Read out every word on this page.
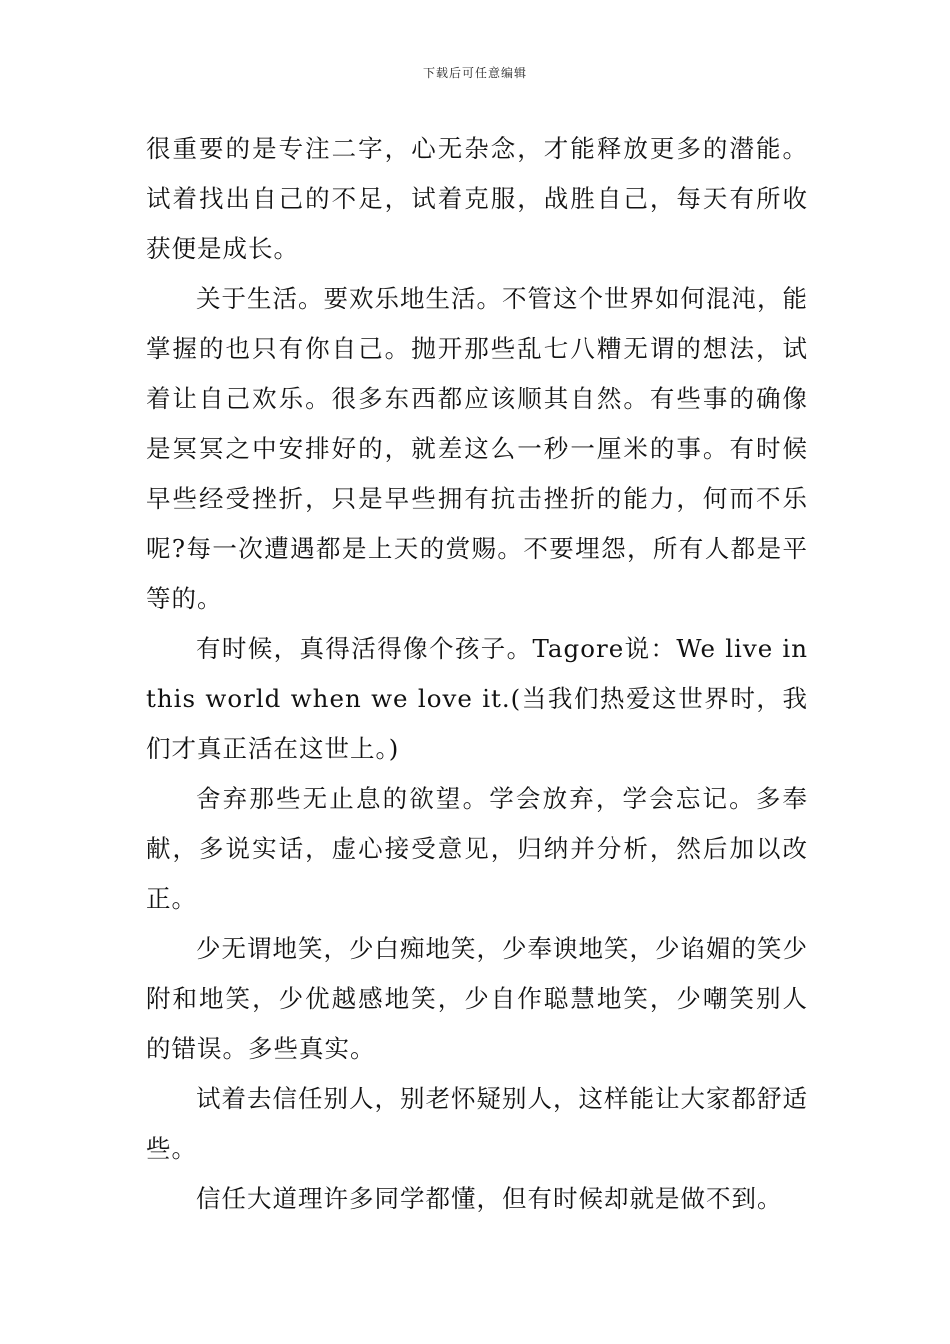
下载后可任意编辑

很重要的是专注二字，心无杂念，才能释放更多的潜能。试着找出自己的不足，试着克服，战胜自己，每天有所收获便是成长。

关于生活。要欢乐地生活。不管这个世界如何混沌，能掌握的也只有你自己。抛开那些乱七八糟无谓的想法，试着让自己欢乐。很多东西都应该顺其自然。有些事的确像是冥冥之中安排好的，就差这么一秒一厘米的事。有时候早些经受挫折，只是早些拥有抗击挫折的能力，何而不乐呢?每一次遭遇都是上天的赏赐。不要埋怨，所有人都是平等的。

有时候，真得活得像个孩子。Tagore说：We live in this world when we love it.(当我们热爱这世界时，我们才真正活在这世上。)

舍弃那些无止息的欲望。学会放弃，学会忘记。多奉献，多说实话，虚心接受意见，归纳并分析，然后加以改正。

少无谓地笑，少白痴地笑，少奉谀地笑，少谄媚的笑少附和地笑，少优越感地笑，少自作聪慧地笑，少嘲笑别人的错误。多些真实。

试着去信任别人，别老怀疑别人，这样能让大家都舒适些。

信任大道理许多同学都懂，但有时候却就是做不到。
